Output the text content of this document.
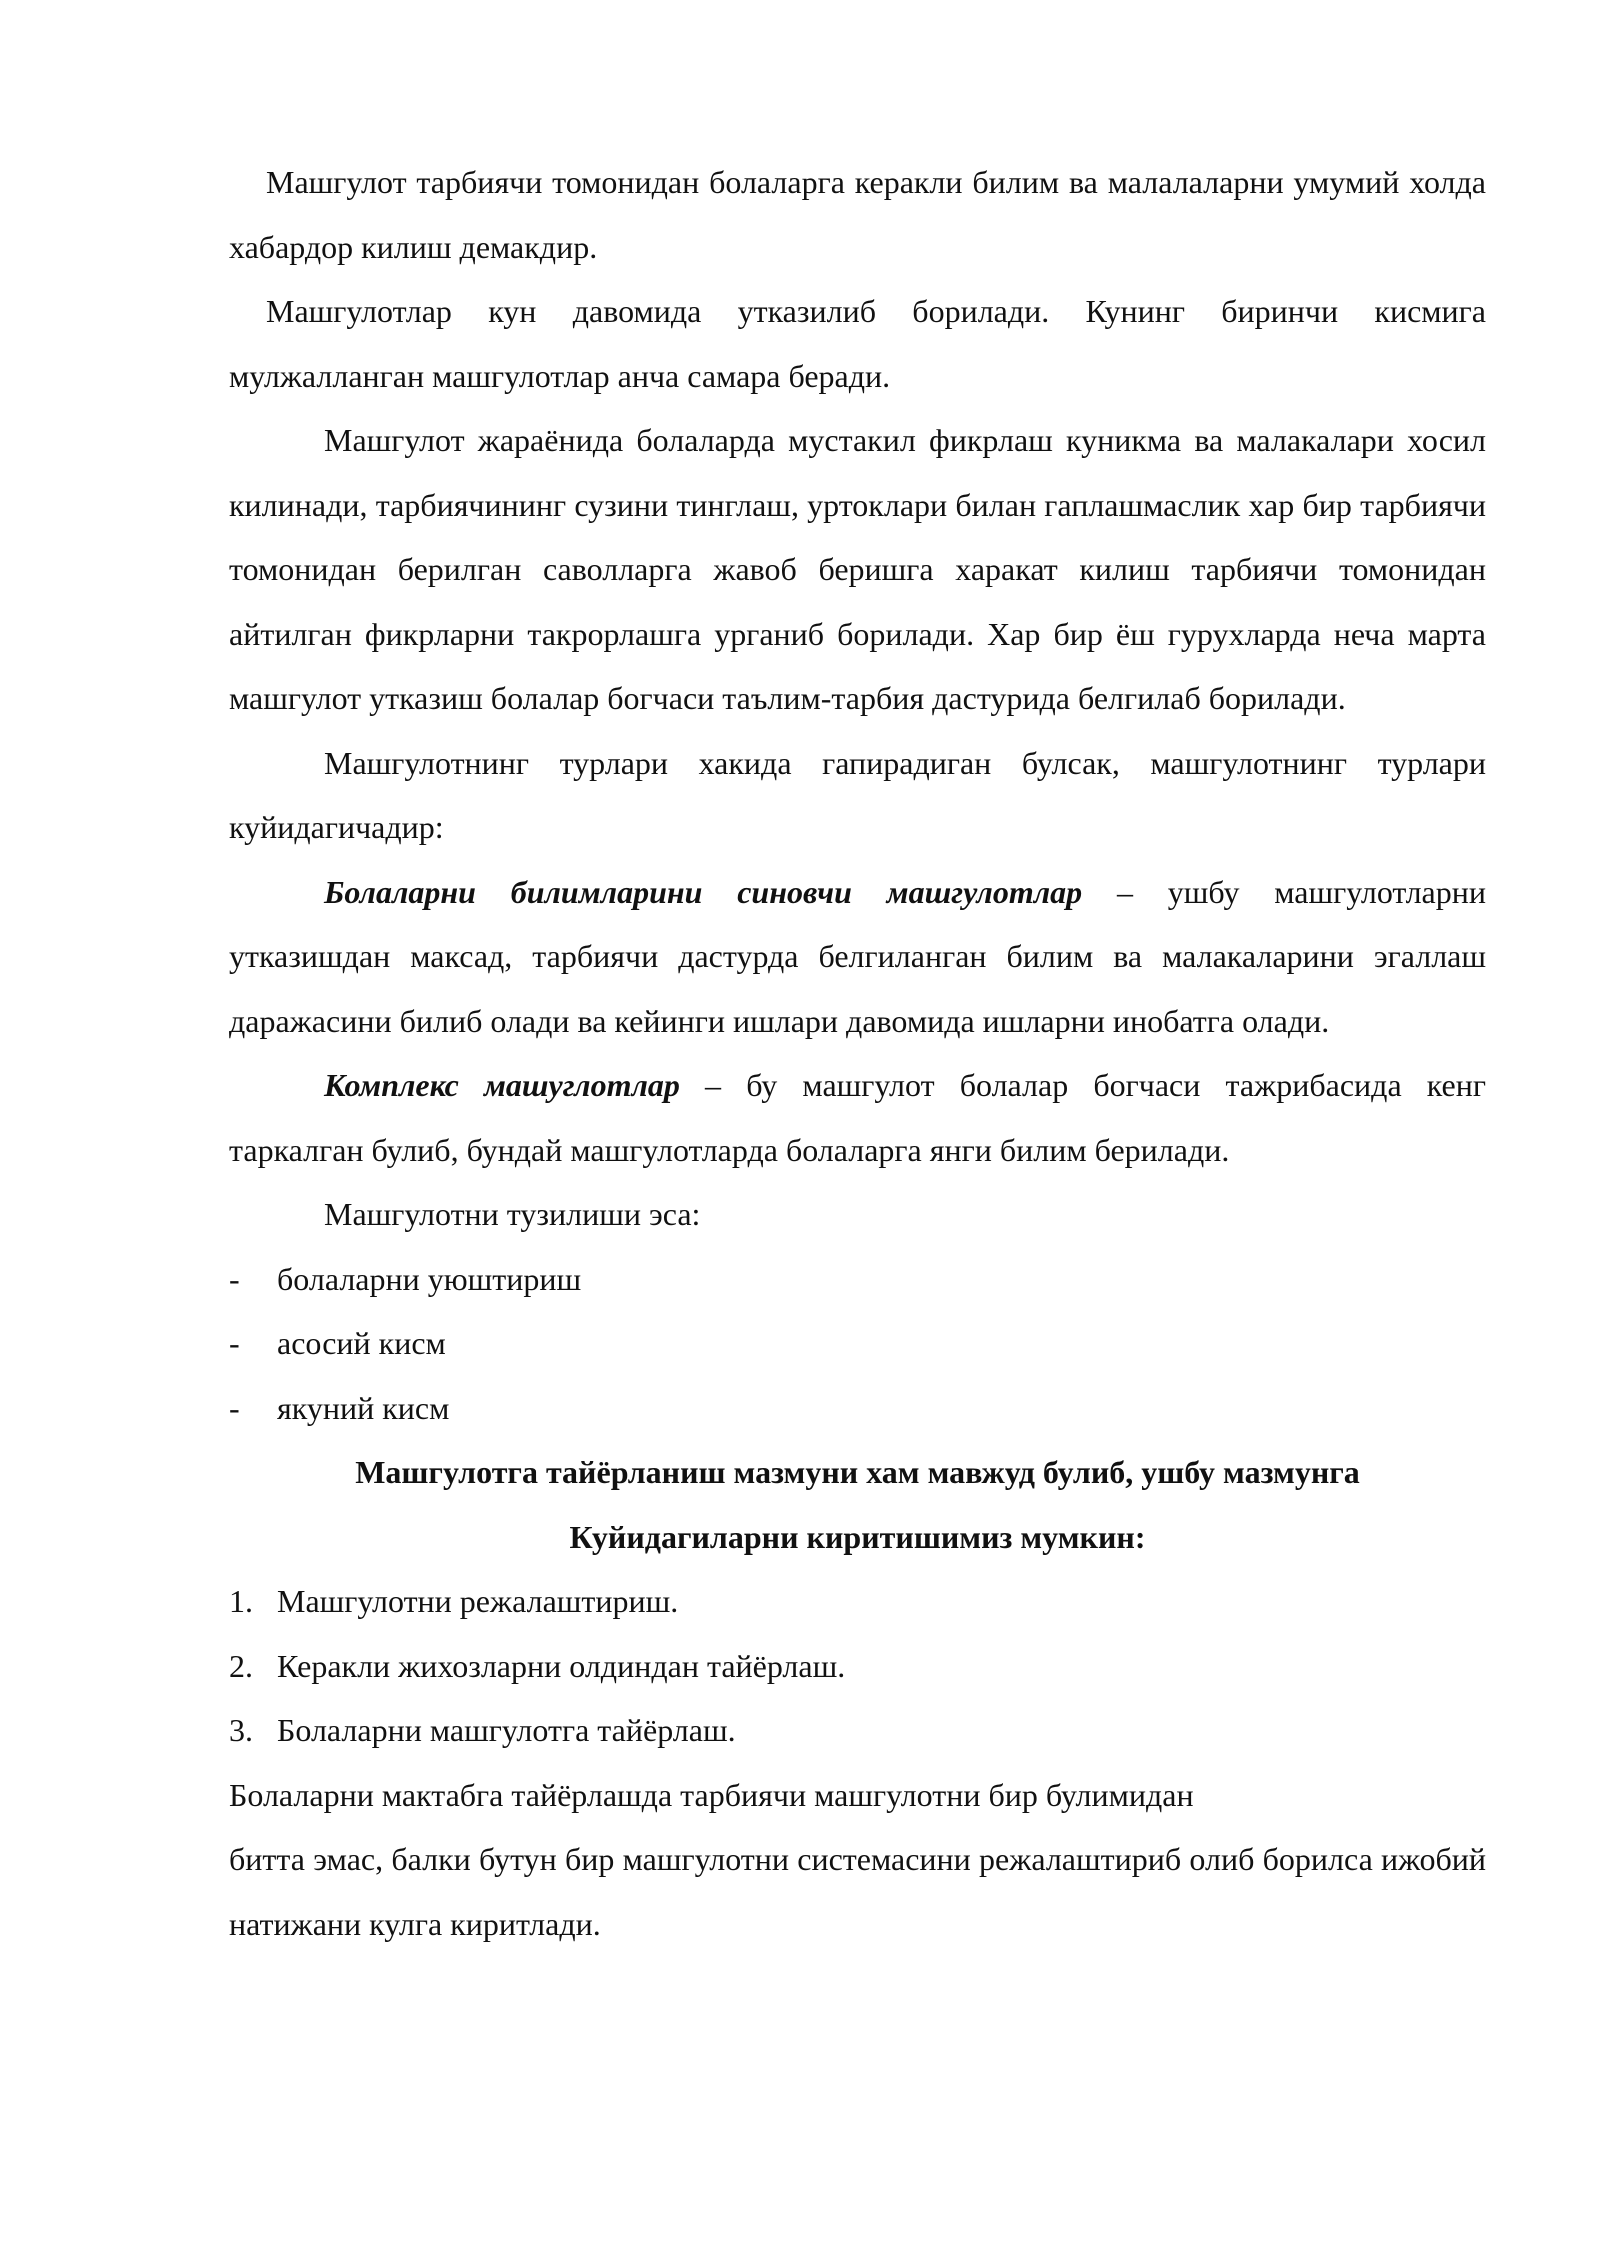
Машгулот тарбиячи томонидан болаларга керакли билим ва малалаларни умумий холда хабардор килиш демакдир.

Машгулотлар кун давомида утказилиб борилади. Кунинг биринчи кисмига мулжалланган машгулотлар анча самара беради.

Машгулот жараёнида болаларда мустакил фикрлаш куникма ва малакалари хосил килинади, тарбиячининг сузини тинглаш, уртоклари билан гаплашмаслик хар бир тарбиячи томонидан берилган саволларга жавоб беришга харакат килиш тарбиячи томонидан айтилган фикрларни такрорлашга урганиб борилади. Хар бир ёш гурухларда неча марта машгулот утказиш болалар богчаси таълим-тарбия дастурида белгилаб борилади.

Машгулотнинг турлари хакида гапирадиган булсак, машгулотнинг турлари куйидагичадир:

Болаларни билимларини синовчи машгулотлар – ушбу машгулотларни утказишдан максад, тарбиячи дастурда белгиланган билим ва малакаларини эгаллаш даражасини билиб олади ва кейинги ишлари давомида ишларни инобатга олади.

Комплекс машуглотлар – бу машгулот болалар богчаси тажрибасида кенг таркалган булиб, бундай машгулотларда болаларга янги билим берилади.

Машгулотни тузилиши эса:

- болаларни уюштириш
- асосий кисм
- якуний кисм

Машгулотга тайёрланиш мазмуни хам мавжуд булиб, ушбу мазмунга

Куйидагиларни киритишимиз мумкин:

1. Машгулотни режалаштириш.
2. Керакли жихозларни олдиндан тайёрлаш.
3. Болаларни машгулотга тайёрлаш.

Болаларни мактабга тайёрлашда тарбиячи машгулотни бир булимидан

битта эмас, балки бутун бир машгулотни системасини режалаштириб олиб борилса ижобий натижани кулга киритлади.
